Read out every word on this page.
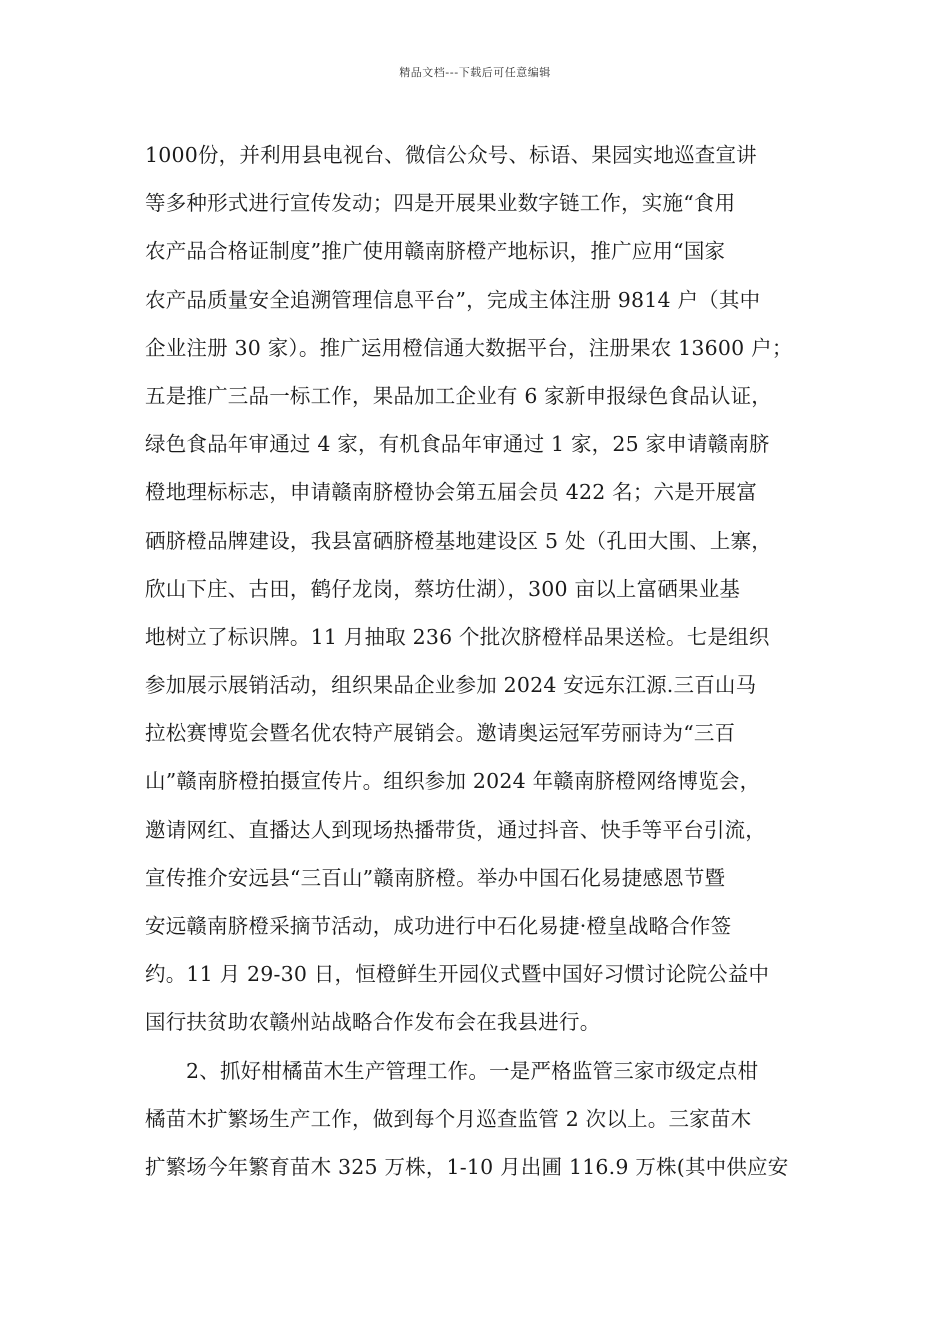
精品文档---下载后可任意编辑
1000份，并利用县电视台、微信公众号、标语、果园实地巡查宣讲
等多种形式进行宣传发动；四是开展果业数字链工作，实施“食用
农产品合格证制度”推广使用赣南脐橙产地标识，推广应用“国家
农产品质量安全追溯管理信息平台”，完成主体注册 9814 户（其中
企业注册 30 家）。推广运用橙信通大数据平台，注册果农 13600 户；
五是推广三品一标工作，果品加工企业有 6 家新申报绿色食品认证，
绿色食品年审通过 4 家，有机食品年审通过 1 家，25 家申请赣南脐
橙地理标标志，申请赣南脐橙协会第五届会员 422 名；六是开展富
硒脐橙品牌建设，我县富硒脐橙基地建设区 5 处（孔田大围、上寨，
欣山下庄、古田，鹤仔龙岗，蔡坊仕湖），300 亩以上富硒果业基
地树立了标识牌。11 月抽取 236 个批次脐橙样品果送检。七是组织
参加展示展销活动，组织果品企业参加 2024 安远东江源.三百山马
拉松赛博览会暨名优农特产展销会。邀请奥运冠军劳丽诗为“三百
山”赣南脐橙拍摄宣传片。组织参加 2024 年赣南脐橙网络博览会，
邀请网红、直播达人到现场热播带货，通过抖音、快手等平台引流，
宣传推介安远县“三百山”赣南脐橙。举办中国石化易捷感恩节暨
安远赣南脐橙采摘节活动，成功进行中石化易捷·橙皇战略合作签
约。11 月 29-30 日，恒橙鲜生开园仪式暨中国好习惯讨论院公益中
国行扶贫助农赣州站战略合作发布会在我县进行。
2、抓好柑橘苗木生产管理工作。一是严格监管三家市级定点柑
橘苗木扩繁场生产工作，做到每个月巡查监管 2 次以上。三家苗木
扩繁场今年繁育苗木 325 万株，1-10 月出圃 116.9 万株(其中供应安
